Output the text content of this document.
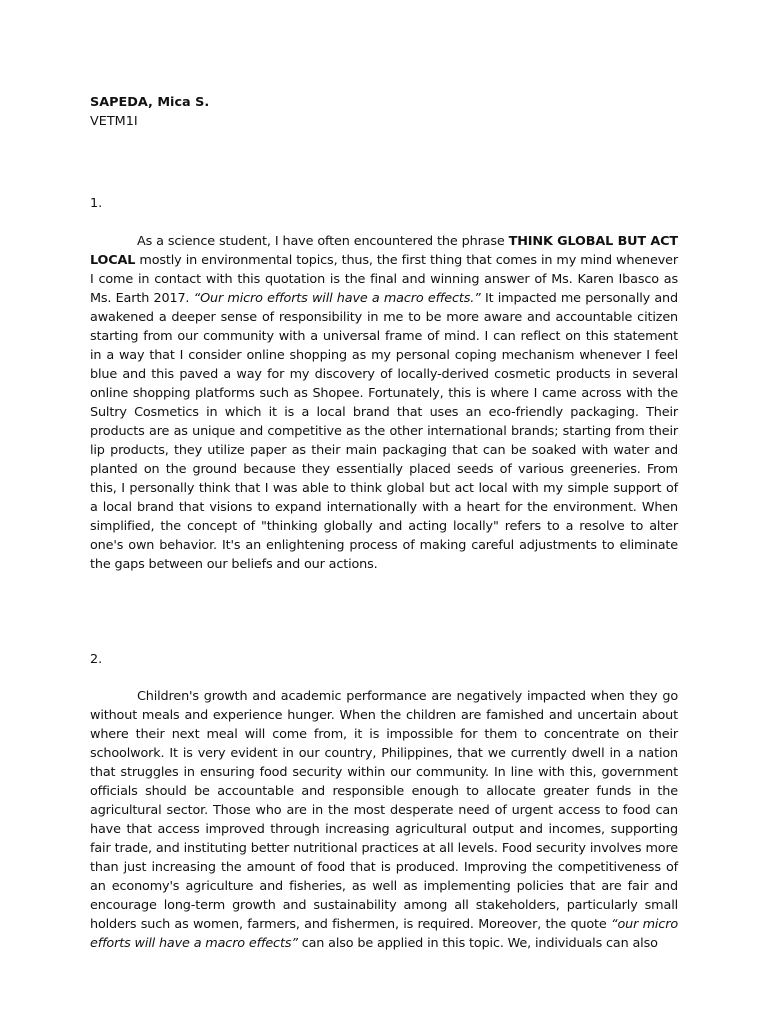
SAPEDA, Mica S.

VETM1I

1.

As a science student, I have often encountered the phrase THINK GLOBAL BUT ACT LOCAL mostly in environmental topics, thus, the first thing that comes in my mind whenever I come in contact with this quotation is the final and winning answer of Ms. Karen Ibasco as Ms. Earth 2017. “Our micro efforts will have a macro effects.” It impacted me personally and awakened a deeper sense of responsibility in me to be more aware and accountable citizen starting from our community with a universal frame of mind. I can reflect on this statement in a way that I consider online shopping as my personal coping mechanism whenever I feel blue and this paved a way for my discovery of locally-derived cosmetic products in several online shopping platforms such as Shopee. Fortunately, this is where I came across with the Sultry Cosmetics in which it is a local brand that uses an eco-friendly packaging. Their products are as unique and competitive as the other international brands; starting from their lip products, they utilize paper as their main packaging that can be soaked with water and planted on the ground because they essentially placed seeds of various greeneries. From this, I personally think that I was able to think global but act local with my simple support of a local brand that visions to expand internationally with a heart for the environment. When simplified, the concept of "thinking globally and acting locally" refers to a resolve to alter one's own behavior. It's an enlightening process of making careful adjustments to eliminate the gaps between our beliefs and our actions.

2.

Children's growth and academic performance are negatively impacted when they go without meals and experience hunger. When the children are famished and uncertain about where their next meal will come from, it is impossible for them to concentrate on their schoolwork. It is very evident in our country, Philippines, that we currently dwell in a nation that struggles in ensuring food security within our community. In line with this, government officials should be accountable and responsible enough to allocate greater funds in the agricultural sector. Those who are in the most desperate need of urgent access to food can have that access improved through increasing agricultural output and incomes, supporting fair trade, and instituting better nutritional practices at all levels. Food security involves more than just increasing the amount of food that is produced. Improving the competitiveness of an economy's agriculture and fisheries, as well as implementing policies that are fair and encourage long-term growth and sustainability among all stakeholders, particularly small holders such as women, farmers, and fishermen, is required. Moreover, the quote “our micro efforts will have a macro effects” can also be applied in this topic. We, individuals can also
